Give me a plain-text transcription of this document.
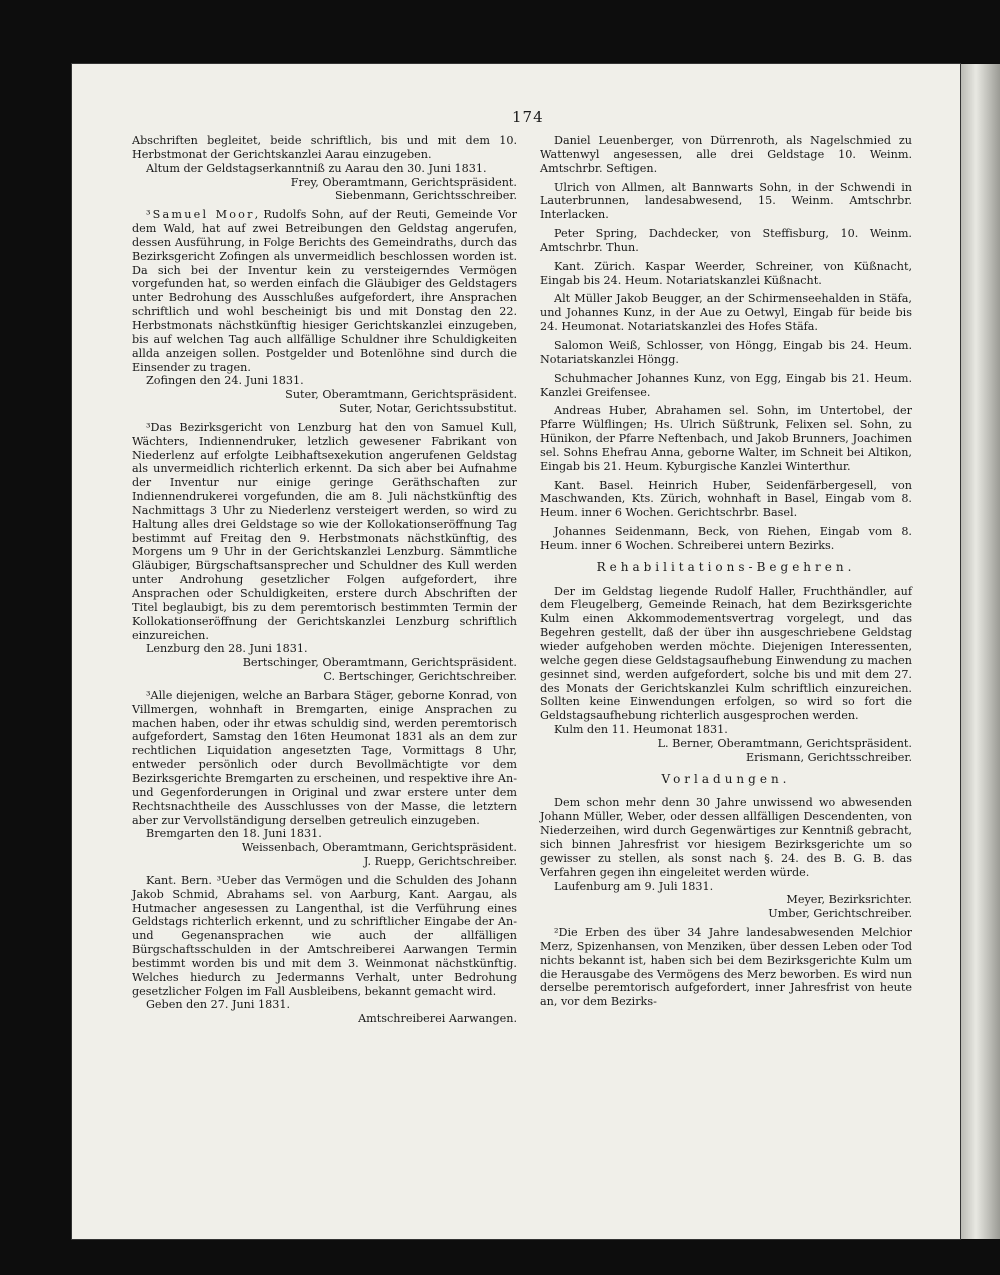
174

Abschriften begleitet, beide schriftlich, bis und mit dem 10. Herbstmonat der Gerichtskanzlei Aarau einzugeben.

Altum der Geldstagserkanntniß zu Aarau den 30. Juni 1831.

Frey, Oberamtmann, Gerichtspräsident.

Siebenmann, Gerichtsschreiber.

³Samuel Moor, Rudolfs Sohn, auf der Reuti, Gemeinde Vor dem Wald, hat auf zwei Betreibungen den Geldstag angerufen, dessen Ausführung, in Folge Berichts des Gemeindraths, durch das Bezirksgericht Zofingen als unvermeidlich beschlossen worden ist. Da sich bei der Inventur kein zu versteigerndes Vermögen vorgefunden hat, so werden einfach die Gläubiger des Geldstagers unter Bedrohung des Ausschlußes aufgefordert, ihre Ansprachen schriftlich und wohl bescheinigt bis und mit Donstag den 22. Herbstmonats nächstkünftig hiesiger Gerichtskanzlei einzugeben, bis auf welchen Tag auch allfällige Schuldner ihre Schuldigkeiten allda anzeigen sollen. Postgelder und Botenlöhne sind durch die Einsender zu tragen.

Zofingen den 24. Juni 1831.

Suter, Oberamtmann, Gerichtspräsident.

Suter, Notar, Gerichtssubstitut.

³Das Bezirksgericht von Lenzburg hat den von Samuel Kull, Wächters, Indiennendruker, letzlich gewesener Fabrikant von Niederlenz auf erfolgte Leibhaftsexekution angerufenen Geldstag als unvermeidlich richterlich erkennt. Da sich aber bei Aufnahme der Inventur nur einige geringe Geräthschaften zur Indiennendrukerei vorgefunden, die am 8. Juli nächstkünftig des Nachmittags 3 Uhr zu Niederlenz versteigert werden, so wird zu Haltung alles drei Geldstage so wie der Kollokationseröffnung Tag bestimmt auf Freitag den 9. Herbstmonats nächstkünftig, des Morgens um 9 Uhr in der Gerichtskanzlei Lenzburg. Sämmtliche Gläubiger, Bürgschaftsansprecher und Schuldner des Kull werden unter Androhung gesetzlicher Folgen aufgefordert, ihre Ansprachen oder Schuldigkeiten, erstere durch Abschriften der Titel beglaubigt, bis zu dem peremtorisch bestimmten Termin der Kollokationseröffnung der Gerichtskanzlei Lenzburg schriftlich einzureichen.

Lenzburg den 28. Juni 1831.

Bertschinger, Oberamtmann, Gerichtspräsident.

C. Bertschinger, Gerichtschreiber.

³Alle diejenigen, welche an Barbara Stäger, geborne Konrad, von Villmergen, wohnhaft in Bremgarten, einige Ansprachen zu machen haben, oder ihr etwas schuldig sind, werden peremtorisch aufgefordert, Samstag den 16ten Heumonat 1831 als an dem zur rechtlichen Liquidation angesetzten Tage, Vormittags 8 Uhr, entweder persönlich oder durch Bevollmächtigte vor dem Bezirksgerichte Bremgarten zu erscheinen, und respektive ihre An- und Gegenforderungen in Original und zwar erstere unter dem Rechtsnachtheile des Ausschlusses von der Masse, die letztern aber zur Vervollständigung derselben getreulich einzugeben.

Bremgarten den 18. Juni 1831.

Weissenbach, Oberamtmann, Gerichtspräsident.

J. Ruepp, Gerichtschreiber.

Kant. Bern. ³Ueber das Vermögen und die Schulden des Johann Jakob Schmid, Abrahams sel. von Aarburg, Kant. Aargau, als Hutmacher angesessen zu Langenthal, ist die Verführung eines Geldstags richterlich erkennt, und zu schriftlicher Eingabe der An- und Gegenansprachen wie auch der allfälligen Bürgschaftsschulden in der Amtschreiberei Aarwangen Termin bestimmt worden bis und mit dem 3. Weinmonat nächstkünftig. Welches hiedurch zu Jedermanns Verhalt, unter Bedrohung gesetzlicher Folgen im Fall Ausbleibens, bekannt gemacht wird.

Geben den 27. Juni 1831.

Amtschreiberei Aarwangen.

Daniel Leuenberger, von Dürrenroth, als Nagelschmied zu Wattenwyl angesessen, alle drei Geldstage 10. Weinm. Amtschrbr. Seftigen.

Ulrich von Allmen, alt Bannwarts Sohn, in der Schwendi in Lauterbrunnen, landesabwesend, 15. Weinm. Amtschrbr. Interlacken.

Peter Spring, Dachdecker, von Steffisburg, 10. Weinm. Amtschrbr. Thun.

Kant. Zürich. Kaspar Weerder, Schreiner, von Küßnacht, Eingab bis 24. Heum. Notariatskanzlei Küßnacht.

Alt Müller Jakob Beugger, an der Schirmenseehalden in Stäfa, und Johannes Kunz, in der Aue zu Oetwyl, Eingab für beide bis 24. Heumonat. Notariatskanzlei des Hofes Stäfa.

Salomon Weiß, Schlosser, von Höngg, Eingab bis 24. Heum. Notariatskanzlei Höngg.

Schuhmacher Johannes Kunz, von Egg, Eingab bis 21. Heum. Kanzlei Greifensee.

Andreas Huber, Abrahamen sel. Sohn, im Untertobel, der Pfarre Wülflingen; Hs. Ulrich Süßtrunk, Felixen sel. Sohn, zu Hünikon, der Pfarre Neftenbach, und Jakob Brunners, Joachimen sel. Sohns Ehefrau Anna, geborne Walter, im Schneit bei Altikon, Eingab bis 21. Heum. Kyburgische Kanzlei Winterthur.

Kant. Basel. Heinrich Huber, Seidenfärbergesell, von Maschwanden, Kts. Zürich, wohnhaft in Basel, Eingab vom 8. Heum. inner 6 Wochen. Gerichtschrbr. Basel.

Johannes Seidenmann, Beck, von Riehen, Eingab vom 8. Heum. inner 6 Wochen. Schreiberei untern Bezirks.

Rehabilitations-Begehren.

Der im Geldstag liegende Rudolf Haller, Fruchthändler, auf dem Fleugelberg, Gemeinde Reinach, hat dem Bezirksgerichte Kulm einen Akkommodementsvertrag vorgelegt, und das Begehren gestellt, daß der über ihn ausgeschriebene Geldstag wieder aufgehoben werden möchte. Diejenigen Interessenten, welche gegen diese Geldstagsaufhebung Einwendung zu machen gesinnet sind, werden aufgefordert, solche bis und mit dem 27. des Monats der Gerichtskanzlei Kulm schriftlich einzureichen. Sollten keine Einwendungen erfolgen, so wird so fort die Geldstagsaufhebung richterlich ausgesprochen werden.

Kulm den 11. Heumonat 1831.

L. Berner, Oberamtmann, Gerichtspräsident.

Erismann, Gerichtsschreiber.

Vorladungen.

Dem schon mehr denn 30 Jahre unwissend wo abwesenden Johann Müller, Weber, oder dessen allfälligen Descendenten, von Niederzeihen, wird durch Gegenwärtiges zur Kenntniß gebracht, sich binnen Jahresfrist vor hiesigem Bezirksgerichte um so gewisser zu stellen, als sonst nach §. 24. des B. G. B. das Verfahren gegen ihn eingeleitet werden würde.

Laufenburg am 9. Juli 1831.

Meyer, Bezirksrichter.

Umber, Gerichtschreiber.

²Die Erben des über 34 Jahre landesabwesenden Melchior Merz, Spizenhansen, von Menziken, über dessen Leben oder Tod nichts bekannt ist, haben sich bei dem Bezirksgerichte Kulm um die Herausgabe des Vermögens des Merz beworben. Es wird nun derselbe peremtorisch aufgefordert, inner Jahresfrist von heute an, vor dem Bezirks-
